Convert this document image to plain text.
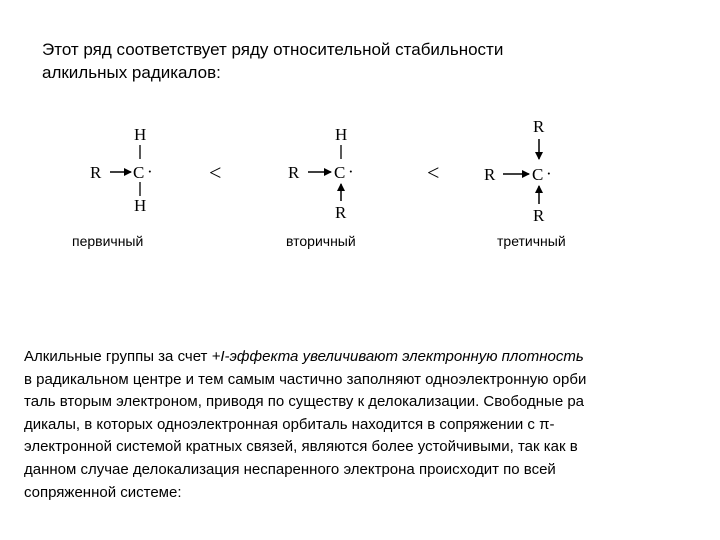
Этот ряд соответствует ряду относительной стабильности
алкильных радикалов:
H
R C ·
H
первичный
<
H
R C ·
R
вторичный
<
R
R C ·
R
третичный
Алкильные группы за счет +I-эффекта увеличивают электронную плотность
в радикальном центре и тем самым частично заполняют одноэлектронную орби
таль вторым электроном, приводя по существу к делокализации. Свободные ра
дикалы, в которых одноэлектронная орбиталь находится в сопряжении с π-
электронной системой кратных связей, являются более устойчивыми, так как в
данном случае делокализация неспаренного электрона происходит по всей
сопряженной системе:
